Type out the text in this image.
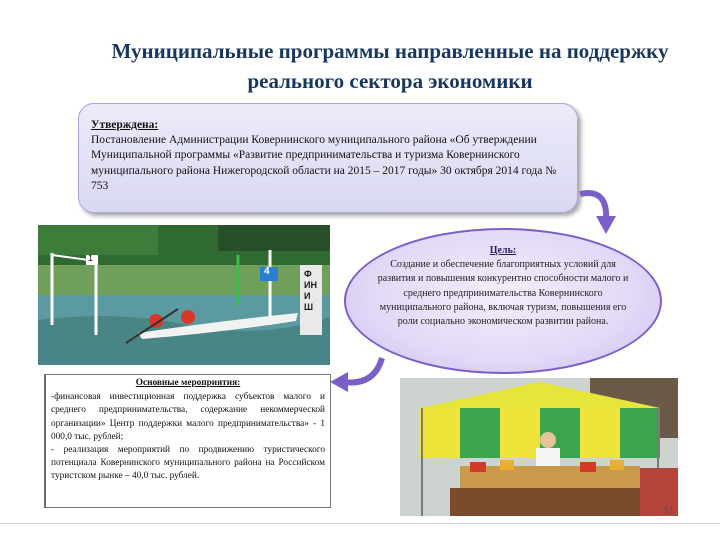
Муниципальные программы направленные на поддержку реального сектора экономики
Утверждена:
Постановление Администрации Ковернинского муниципального района «Об утверждении Муниципальной программы «Развитие предпринимательства и туризма Ковернинского муниципального района Нижегородской области на 2015 – 2017 годы» 30 октября 2014 года № 753
1
4	ФИНИШ
Цель:
Создание и обеспечение благоприятных условий для развития и повышения конкурентно способности малого и среднего предпринимательства Ковернинского муниципального района, включая туризм, повышения его роли социально экономическом развитии района.
Основные мероприятия:
-финансовая инвестиционная поддержка субъектов малого и среднего предпринимательства, содержание некоммерческой организации» Центр поддержки малого предпринимательства» - 1 000,0 тыс. рублей;
- реализация мероприятий по продвижению туристического потенциала Ковернинского муниципального района на Российском туристском рынке – 40,0 тыс. рублей.
51
